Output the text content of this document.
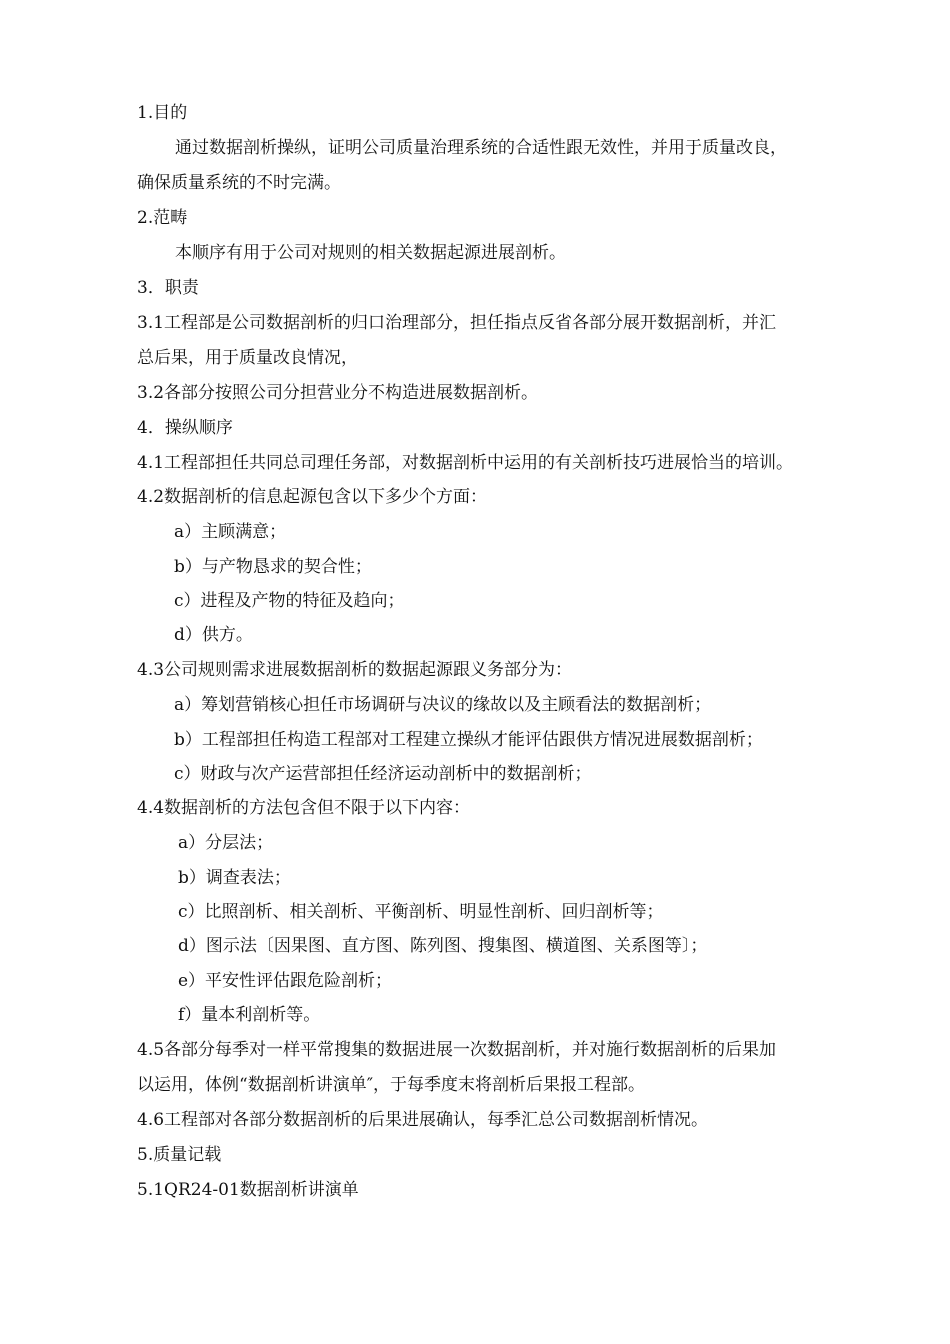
1.目的
通过数据剖析操纵，证明公司质量治理系统的合适性跟无效性，并用于质量改良，
确保质量系统的不时完满。
2.范畴
本顺序有用于公司对规则的相关数据起源进展剖析。
3．职责
3.1工程部是公司数据剖析的归口治理部分，担任指点反省各部分展开数据剖析，并汇
总后果，用于质量改良情况，
3.2各部分按照公司分担营业分不构造进展数据剖析。
4．操纵顺序
4.1工程部担任共同总司理任务部，对数据剖析中运用的有关剖析技巧进展恰当的培训。
4.2数据剖析的信息起源包含以下多少个方面：
a）主顾满意；
b）与产物恳求的契合性；
c）进程及产物的特征及趋向；
d）供方。
4.3公司规则需求进展数据剖析的数据起源跟义务部分为：
a）筹划营销核心担任市场调研与决议的缘故以及主顾看法的数据剖析；
b）工程部担任构造工程部对工程建立操纵才能评估跟供方情况进展数据剖析；
c）财政与次产运营部担任经济运动剖析中的数据剖析；
4.4数据剖析的方法包含但不限于以下内容：
a）分层法；
b）调查表法；
c）比照剖析、相关剖析、平衡剖析、明显性剖析、回归剖析等；
d）图示法〔因果图、直方图、陈列图、搜集图、横道图、关系图等〕；
e）平安性评估跟危险剖析；
f）量本利剖析等。
4.5各部分每季对一样平常搜集的数据进展一次数据剖析，并对施行数据剖析的后果加
以运用，体例“数据剖析讲演单″，于每季度末将剖析后果报工程部。
4.6工程部对各部分数据剖析的后果进展确认，每季汇总公司数据剖析情况。
5.质量记载
5.1QR24-01数据剖析讲演单
